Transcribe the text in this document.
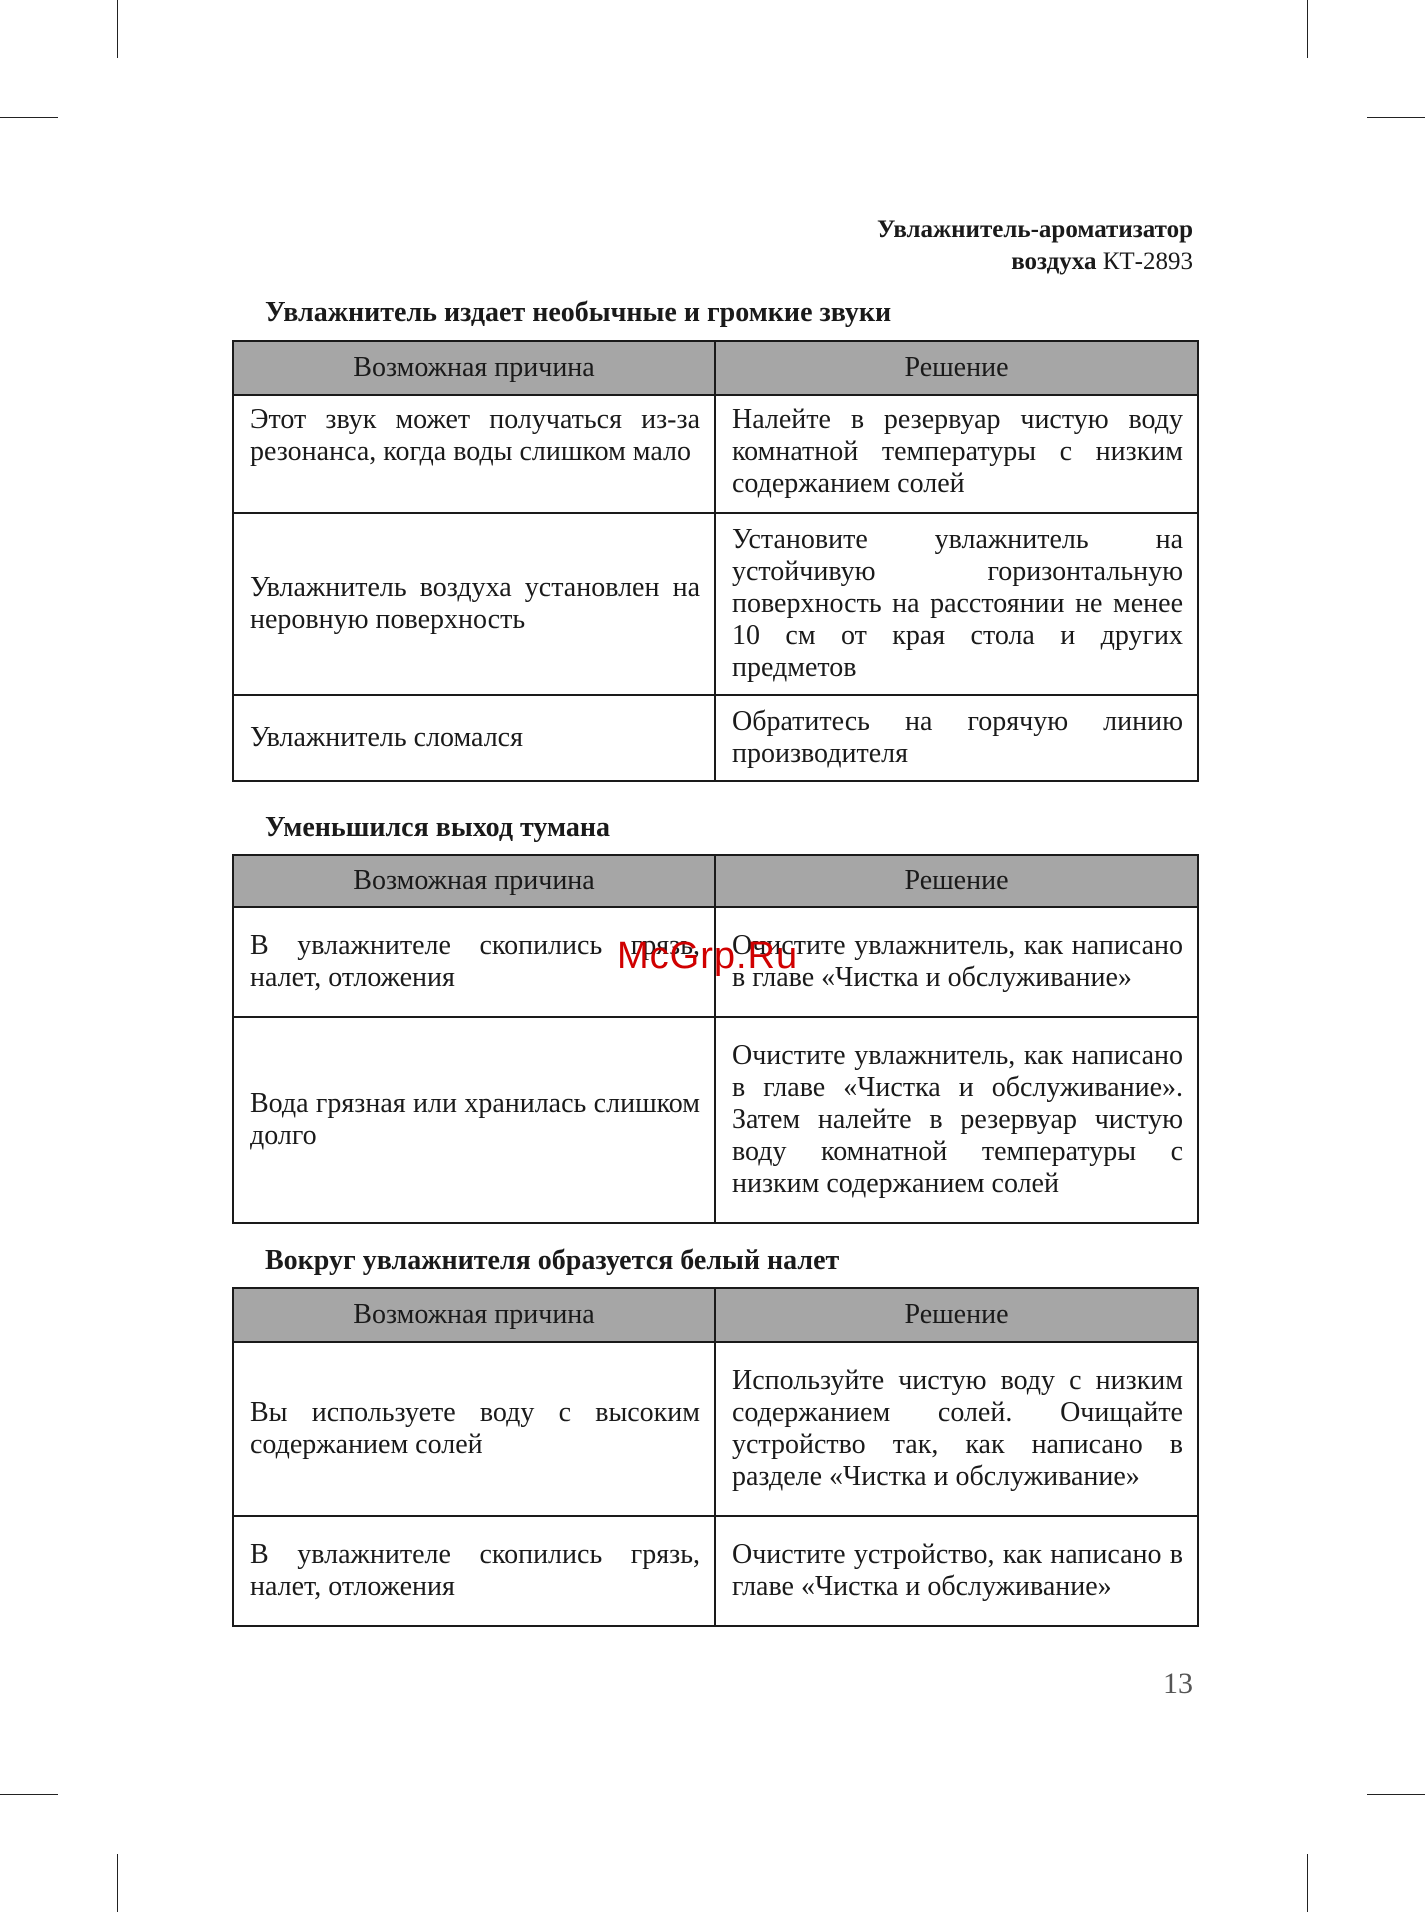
Увлажнитель-ароматизатор
воздуха КТ-2893
Увлажнитель издает необычные и громкие звуки
Возможная причина	Решение
Этот звук может получаться из-за резонанса, когда воды слишком мало	Налейте в резервуар чистую воду комнатной температуры с низким содержанием солей
Увлажнитель воздуха установлен на неровную поверхность	Установите увлажнитель на устойчивую горизонтальную поверхность на расстоянии не менее 10 см от края стола и других предметов
Увлажнитель сломался	Обратитесь на горячую линию производителя
Уменьшился выход тумана
Возможная причина	Решение
В увлажнителе скопились грязь, налет, отложения	Очистите увлажнитель, как написано в главе «Чистка и обслуживание»
Вода грязная или хранилась слишком долго	Очистите увлажнитель, как написано в главе «Чистка и обслуживание». Затем налейте в резервуар чистую воду комнатной температуры с низким содержанием солей
Вокруг увлажнителя образуется белый налет
Возможная причина	Решение
Вы используете воду с высоким содержанием солей	Используйте чистую воду с низким содержанием солей. Очищайте устройство так, как написано в разделе «Чистка и обслуживание»
В увлажнителе скопились грязь, налет, отложения	Очистите устройство, как написано в главе «Чистка и обслуживание»
McGrp.Ru
13
